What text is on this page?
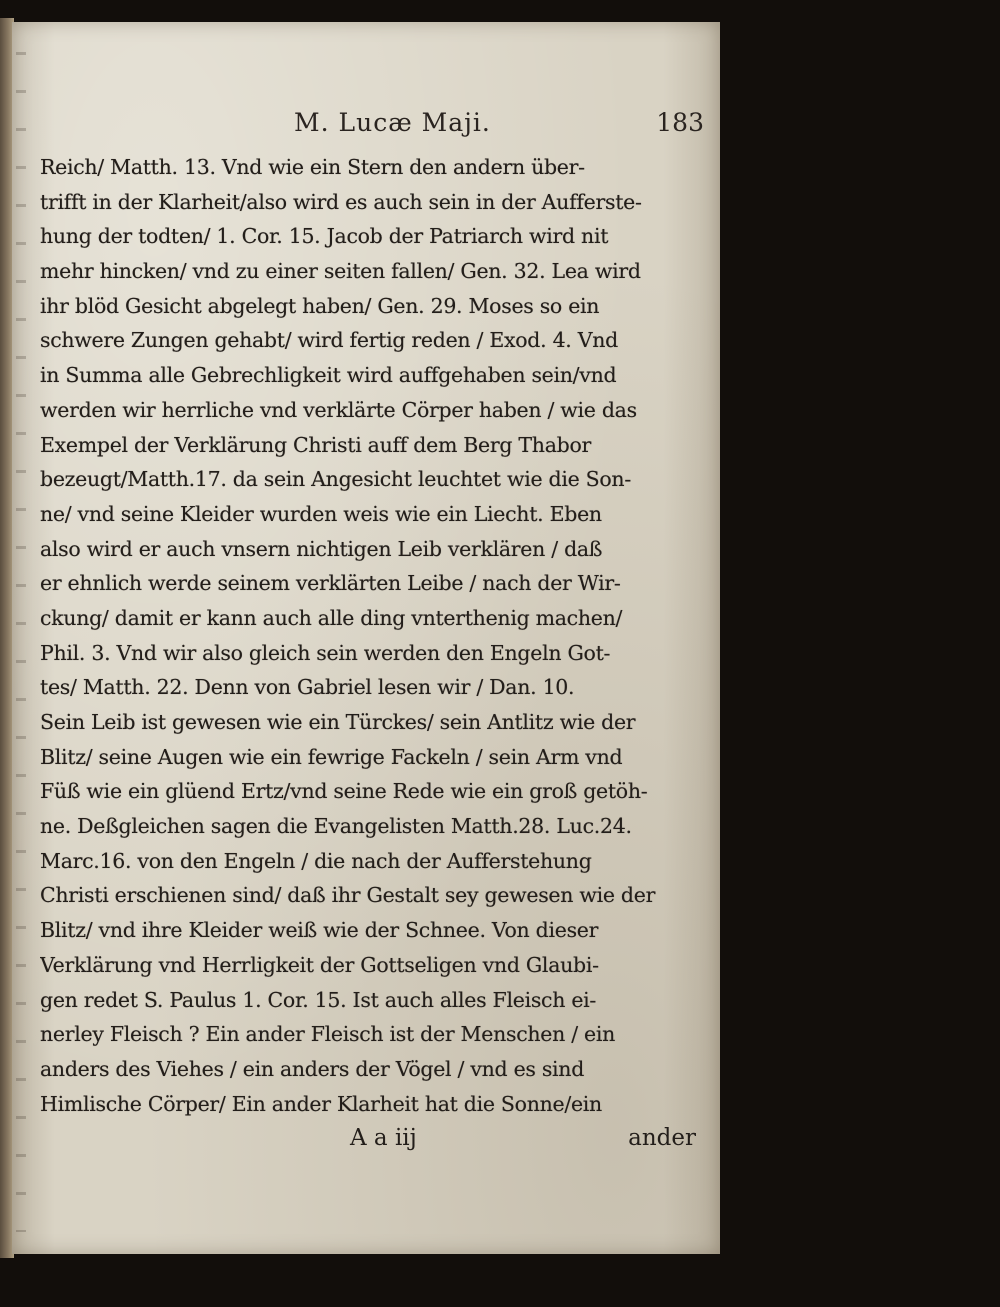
M. Lucæ Maji.	183
Reich/ Matth. 13. Vnd wie ein Stern den andern über-
trifft in der Klarheit/also wird es auch sein in der Aufferste-
hung der todten/ 1. Cor. 15. Jacob der Patriarch wird nit
mehr hincken/ vnd zu einer seiten fallen/ Gen. 32. Lea wird
ihr blöd Gesicht abgelegt haben/ Gen. 29. Moses so ein
schwere Zungen gehabt/ wird fertig reden / Exod. 4. Vnd
in Summa alle Gebrechligkeit wird auffgehaben sein/vnd
werden wir herrliche vnd verklärte Cörper haben / wie das
Exempel der Verklärung Christi auff dem Berg Thabor
bezeugt/Matth.17. da sein Angesicht leuchtet wie die Son-
ne/ vnd seine Kleider wurden weis wie ein Liecht. Eben
also wird er auch vnsern nichtigen Leib verklären / daß
er ehnlich werde seinem verklärten Leibe / nach der Wir-
ckung/ damit er kann auch alle ding vnterthenig machen/
Phil. 3. Vnd wir also gleich sein werden den Engeln Got-
tes/ Matth. 22. Denn von Gabriel lesen wir / Dan. 10.
Sein Leib ist gewesen wie ein Türckes/ sein Antlitz wie der
Blitz/ seine Augen wie ein fewrige Fackeln / sein Arm vnd
Füß wie ein glüend Ertz/vnd seine Rede wie ein groß getöh-
ne. Deßgleichen sagen die Evangelisten Matth.28. Luc.24.
Marc.16. von den Engeln / die nach der Aufferstehung
Christi erschienen sind/ daß ihr Gestalt sey gewesen wie der
Blitz/ vnd ihre Kleider weiß wie der Schnee. Von dieser
Verklärung vnd Herrligkeit der Gottseligen vnd Glaubi-
gen redet S. Paulus 1. Cor. 15. Ist auch alles Fleisch ei-
nerley Fleisch ? Ein ander Fleisch ist der Menschen / ein
anders des Viehes / ein anders der Vögel / vnd es sind
Himlische Cörper/ Ein ander Klarheit hat die Sonne/ein
A a iij	ander
